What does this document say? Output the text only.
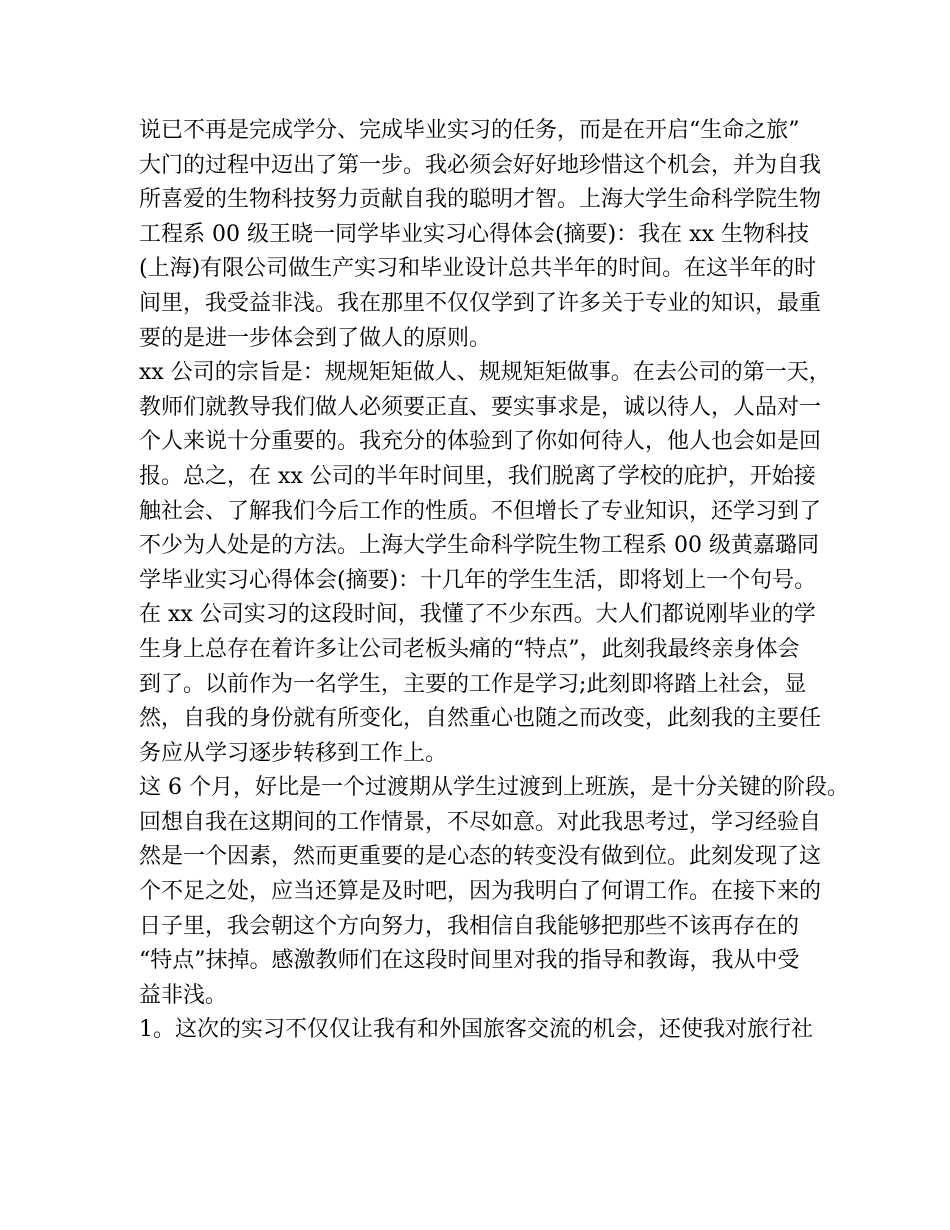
说已不再是完成学分、完成毕业实习的任务，而是在开启“生命之旅”
大门的过程中迈出了第一步。我必须会好好地珍惜这个机会，并为自我
所喜爱的生物科技努力贡献自我的聪明才智。上海大学生命科学院生物
工程系 00 级王晓一同学毕业实习心得体会(摘要)：我在 xx 生物科技
(上海)有限公司做生产实习和毕业设计总共半年的时间。在这半年的时
间里，我受益非浅。我在那里不仅仅学到了许多关于专业的知识，最重
要的是进一步体会到了做人的原则。
xx 公司的宗旨是：规规矩矩做人、规规矩矩做事。在去公司的第一天，
教师们就教导我们做人必须要正直、要实事求是，诚以待人，人品对一
个人来说十分重要的。我充分的体验到了你如何待人，他人也会如是回
报。总之，在 xx 公司的半年时间里，我们脱离了学校的庇护，开始接
触社会、了解我们今后工作的性质。不但增长了专业知识，还学习到了
不少为人处是的方法。上海大学生命科学院生物工程系 00 级黄嘉璐同
学毕业实习心得体会(摘要)：十几年的学生生活，即将划上一个句号。
在 xx 公司实习的这段时间，我懂了不少东西。大人们都说刚毕业的学
生身上总存在着许多让公司老板头痛的“特点”，此刻我最终亲身体会
到了。以前作为一名学生，主要的工作是学习;此刻即将踏上社会，显
然，自我的身份就有所变化，自然重心也随之而改变，此刻我的主要任
务应从学习逐步转移到工作上。
这 6 个月，好比是一个过渡期从学生过渡到上班族，是十分关键的阶段。
回想自我在这期间的工作情景，不尽如意。对此我思考过，学习经验自
然是一个因素，然而更重要的是心态的转变没有做到位。此刻发现了这
个不足之处，应当还算是及时吧，因为我明白了何谓工作。在接下来的
日子里，我会朝这个方向努力，我相信自我能够把那些不该再存在的
“特点”抹掉。感激教师们在这段时间里对我的指导和教诲，我从中受
益非浅。
1。这次的实习不仅仅让我有和外国旅客交流的机会，还使我对旅行社
